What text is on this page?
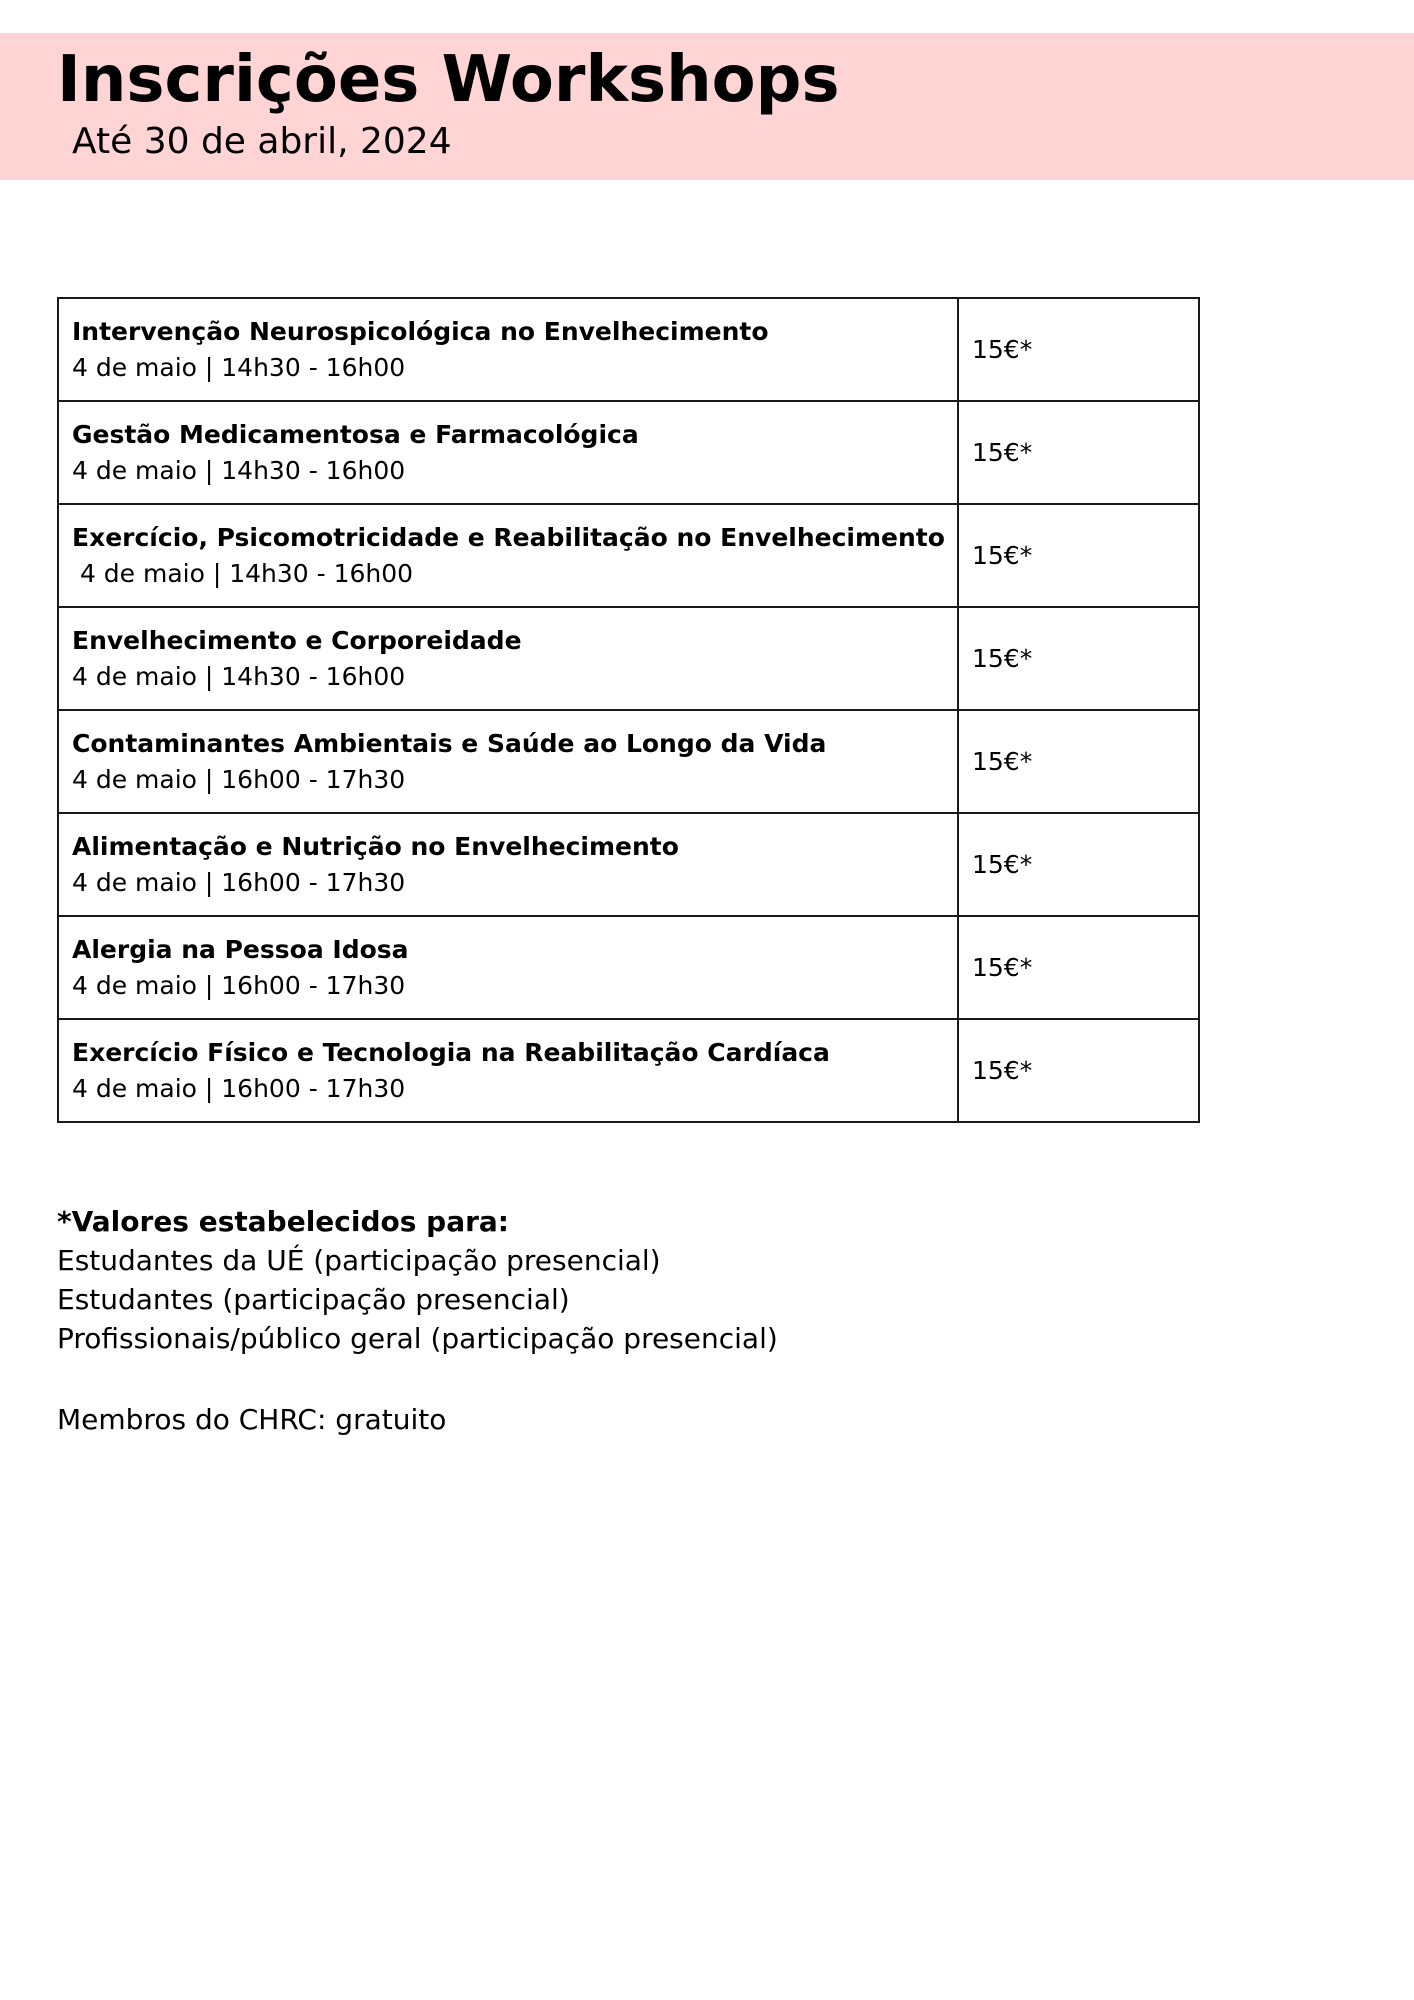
Inscrições Workshops
Até 30 de abril, 2024
Intervenção Neurospicológica no Envelhecimento
4 de maio | 14h30 - 16h00	15€*

Gestão Medicamentosa e Farmacológica
4 de maio | 14h30 - 16h00	15€*

Exercício, Psicomotricidade e Reabilitação no Envelhecimento
4 de maio | 14h30 - 16h00	15€*

Envelhecimento e Corporeidade
4 de maio | 14h30 - 16h00	15€*

Contaminantes Ambientais e Saúde ao Longo da Vida
4 de maio | 16h00 - 17h30	15€*

Alimentação e Nutrição no Envelhecimento
4 de maio | 16h00 - 17h30	15€*

Alergia na Pessoa Idosa
4 de maio | 16h00 - 17h30	15€*

Exercício Físico e Tecnologia na Reabilitação Cardíaca
4 de maio | 16h00 - 17h30	15€*
*Valores estabelecidos para:
Estudantes da UÉ (participação presencial)
Estudantes (participação presencial)
Profissionais/público geral (participação presencial)
Membros do CHRC: gratuito
